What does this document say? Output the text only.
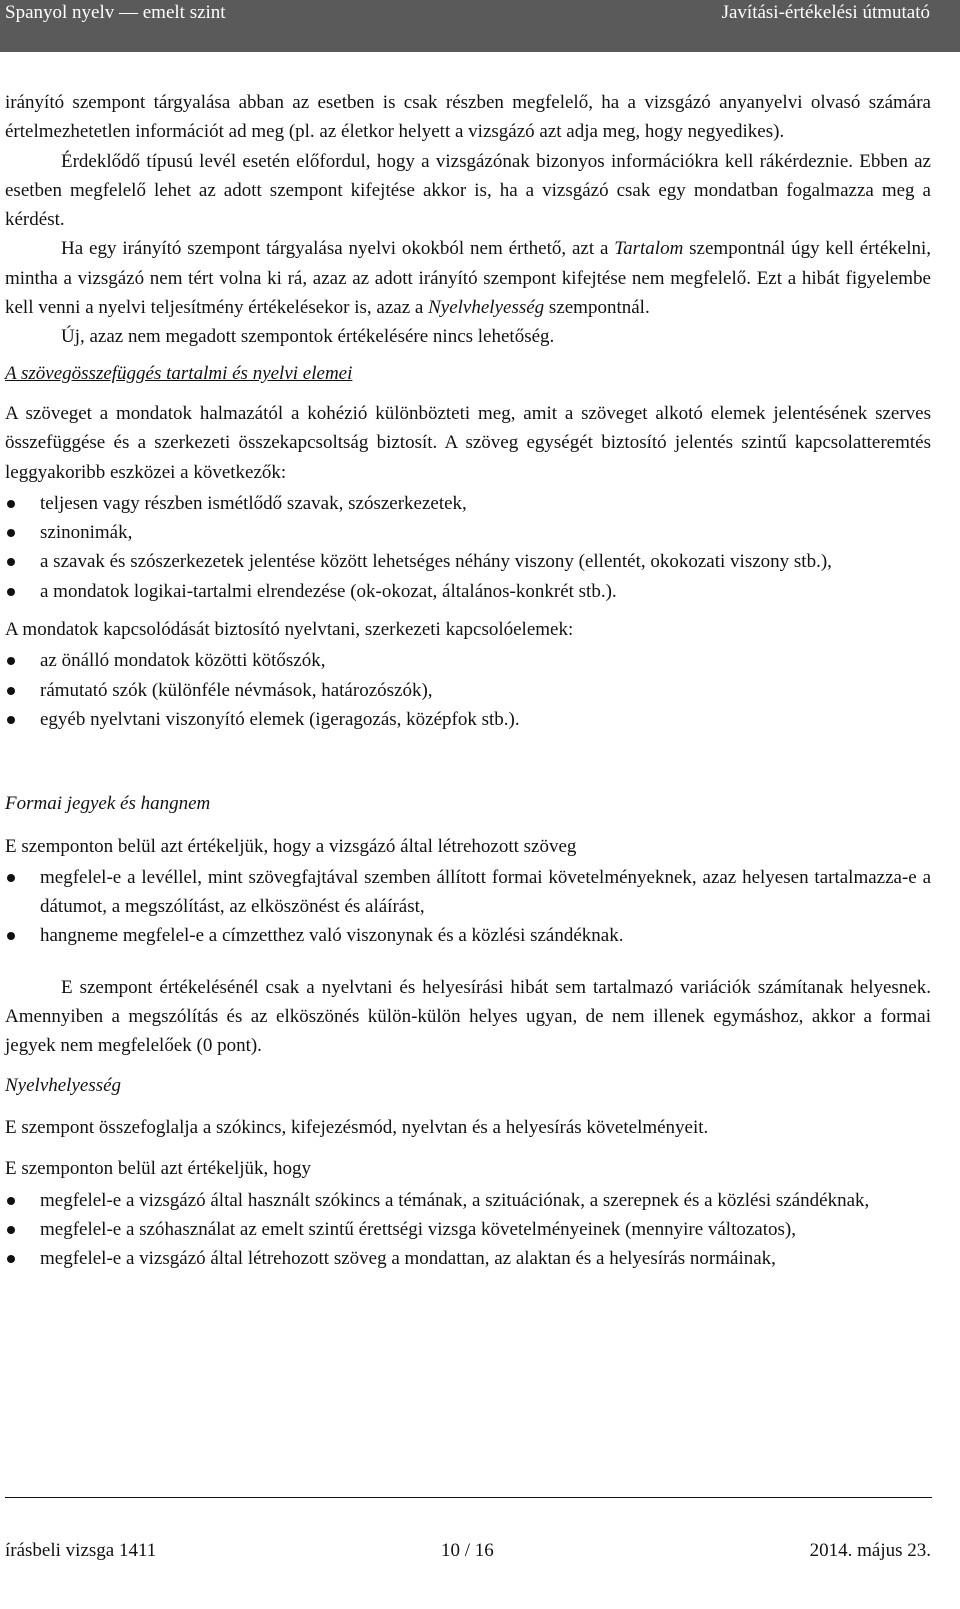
Spanyol nyelv — emelt szint	Javítási-értékelési útmutató

irányító szempont tárgyalása abban az esetben is csak részben megfelelő, ha a vizsgázó anyanyelvi olvasó számára értelmezhetetlen információt ad meg (pl. az életkor helyett a vizsgázó azt adja meg, hogy negyedikes).

Érdeklődő típusú levél esetén előfordul, hogy a vizsgázónak bizonyos információkra kell rákérdeznie. Ebben az esetben megfelelő lehet az adott szempont kifejtése akkor is, ha a vizsgázó csak egy mondatban fogalmazza meg a kérdést.

Ha egy irányító szempont tárgyalása nyelvi okokból nem érthető, azt a Tartalom szempontnál úgy kell értékelni, mintha a vizsgázó nem tért volna ki rá, azaz az adott irányító szempont kifejtése nem megfelelő. Ezt a hibát figyelembe kell venni a nyelvi teljesítmény értékelésekor is, azaz a Nyelvhelyesség szempontnál.

Új, azaz nem megadott szempontok értékelésére nincs lehetőség.

A szövegösszefüggés tartalmi és nyelvi elemei

A szöveget a mondatok halmazától a kohézió különbözteti meg, amit a szöveget alkotó elemek jelentésének szerves összefüggése és a szerkezeti összekapcsoltság biztosít. A szöveg egységét biztosító jelentés szintű kapcsolatteremtés leggyakoribb eszközei a következők:

teljesen vagy részben ismétlődő szavak, szószerkezetek,
szinonimák,
a szavak és szószerkezetek jelentése között lehetséges néhány viszony (ellentét, okokozati viszony stb.),
a mondatok logikai-tartalmi elrendezése (ok-okozat, általános-konkrét stb.).

A mondatok kapcsolódását biztosító nyelvtani, szerkezeti kapcsolóelemek:

az önálló mondatok közötti kötőszók,
rámutató szók (különféle névmások, határozószók),
egyéb nyelvtani viszonyító elemek (igeragozás, középfok stb.).

Formai jegyek és hangnem

E szemponton belül azt értékeljük, hogy a vizsgázó által létrehozott szöveg

megfelel-e a levéllel, mint szövegfajtával szemben állított formai követelményeknek, azaz helyesen tartalmazza-e a dátumot, a megszólítást, az elköszönést és aláírást,
hangneme megfelel-e a címzetthez való viszonynak és a közlési szándéknak.

E szempont értékelésénél csak a nyelvtani és helyesírási hibát sem tartalmazó variációk számítanak helyesnek. Amennyiben a megszólítás és az elköszönés külön-külön helyes ugyan, de nem illenek egymáshoz, akkor a formai jegyek nem megfelelőek (0 pont).

Nyelvhelyesség

E szempont összefoglalja a szókincs, kifejezésmód, nyelvtan és a helyesírás követelményeit.

E szemponton belül azt értékeljük, hogy

megfelel-e a vizsgázó által használt szókincs a témának, a szituációnak, a szerepnek és a közlési szándéknak,
megfelel-e a szóhasználat az emelt szintű érettségi vizsga követelményeinek (mennyire változatos),
megfelel-e a vizsgázó által létrehozott szöveg a mondattan, az alaktan és a helyesírás normáinak,
írásbeli vizsga 1411	10 / 16	2014. május 23.
